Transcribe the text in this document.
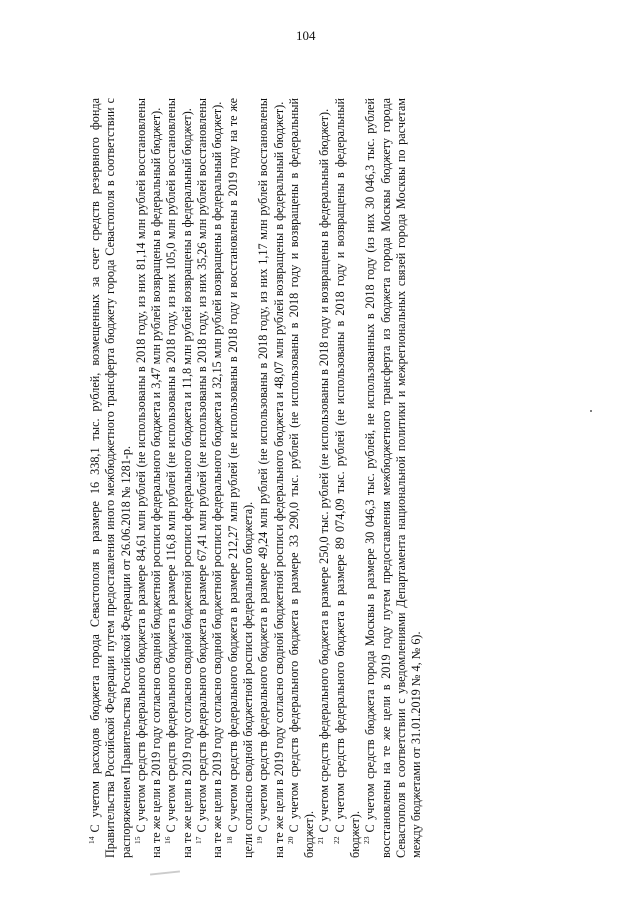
104

$^{14}$С учетом расходов бюджета города Севастополя в размере 16 338,1 тыс. рублей, возмещенных за счет средств резервного фонда Правительства Российской Федерации путем предоставления иного межбюджетного трансферта бюджету города Севастополя в соответствии с распоряжением Правительства Российской Федерации от 26.06.2018 № 1281-р. $^{15}$С учетом средств федерального бюджета в размере 84,61 млн рублей (не использованы в 2018 году, из них 81,14 млн рублей восстановлены на те же цели в 2019 году согласно сводной бюджетной росписи федерального бюджета и 3,47 млн рублей возвращены в федеральный бюджет). $^{16}$С учетом средств федерального бюджета в размере 116,8 млн рублей (не использованы в 2018 году, из них 105,0 млн рублей восстановлены на те же цели в 2019 году согласно сводной бюджетной росписи федерального бюджета и 11,8 млн рублей возвращены в федеральный бюджет). $^{17}$С учетом средств федерального бюджета в размере 67,41 млн рублей (не использованы в 2018 году, из них 35,26 млн рублей восстановлены на те же цели в 2019 году согласно сводной бюджетной росписи федерального бюджета и 32,15 млн рублей возвращены в федеральный бюджет). $^{18}$С учетом средств федерального бюджета в размере 212,27 млн рублей (не использованы в 2018 году и восстановлены в 2019 году на те же цели согласно сводной бюджетной росписи федерального бюджета). $^{19}$С учетом средств федерального бюджета в размере 49,24 млн рублей (не использованы в 2018 году, из них 1,17 млн рублей восстановлены на те же цели в 2019 году согласно сводной бюджетной росписи федерального бюджета и 48,07 млн рублей возвращены в федеральный бюджет). $^{20}$С учетом средств федерального бюджета в размере 33 290,0 тыс. рублей (не использованы в 2018 году и возвращены в федеральный бюджет). $^{21}$С учетом средств федерального бюджета в размере 250,0 тыс. рублей (не использованы в 2018 году и возвращены в федеральный бюджет).

$^{22}$С учетом средств федерального бюджета в размере 89 074,09 тыс. рублей (не использованы в 2018 году и возвращены в федеральный бюджет). $^{23}$С учетом средств бюджета города Москвы в размере 30 046,3 тыс. рублей, не использованных в 2018 году (из них 30 046,3 тыс. рублей восстановлены на те же цели в 2019 году путем предоставления межбюджетного трансферта из бюджета города Москвы бюджету города Севастополя в соответствии с уведомлениями Департамента национальной политики и межрегиональных связей города Москвы по расчетам между бюджетами от 31.01.2019 № 4, № 6).
